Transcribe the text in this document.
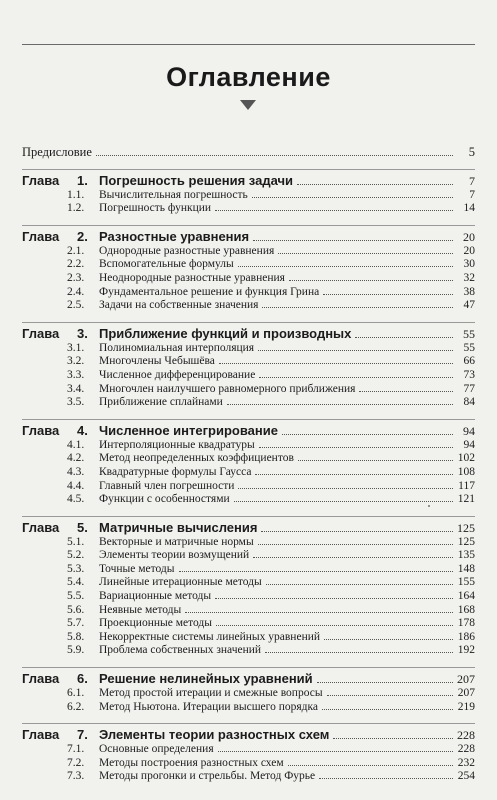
Оглавление
Предисловие	5
Глава	1. Погрешность решения задачи	7
1.1.	Вычислительная погрешность	7
1.2.	Погрешность функции	14
Глава	2. Разностные уравнения	20
2.1.	Однородные разностные уравнения	20
2.2.	Вспомогательные формулы	30
2.3.	Неоднородные разностные уравнения	32
2.4.	Фундаментальное решение и функция Грина	38
2.5.	Задачи на собственные значения	47
Глава	3. Приближение функций и производных	55
3.1.	Полиномиальная интерполяция	55
3.2.	Многочлены Чебышёва	66
3.3.	Численное дифференцирование	73
3.4.	Многочлен наилучшего равномерного приближения	77
3.5.	Приближение сплайнами	84
Глава	4. Численное интегрирование	94
4.1.	Интерполяционные квадратуры	94
4.2.	Метод неопределенных коэффициентов	102
4.3.	Квадратурные формулы Гаусса	108
4.4.	Главный член погрешности	117
4.5.	Функции с особенностями	121
Глава	5. Матричные вычисления	125
5.1.	Векторные и матричные нормы	125
5.2.	Элементы теории возмущений	135
5.3.	Точные методы	148
5.4.	Линейные итерационные методы	155
5.5.	Вариационные методы	164
5.6.	Неявные методы	168
5.7.	Проекционные методы	178
5.8.	Некорректные системы линейных уравнений	186
5.9.	Проблема собственных значений	192
Глава	6. Решение нелинейных уравнений	207
6.1.	Метод простой итерации и смежные вопросы	207
6.2.	Метод Ньютона. Итерации высшего порядка	219
Глава	7. Элементы теории разностных схем	228
7.1.	Основные определения	228
7.2.	Методы построения разностных схем	232
7.3.	Методы прогонки и стрельбы. Метод Фурье	254
